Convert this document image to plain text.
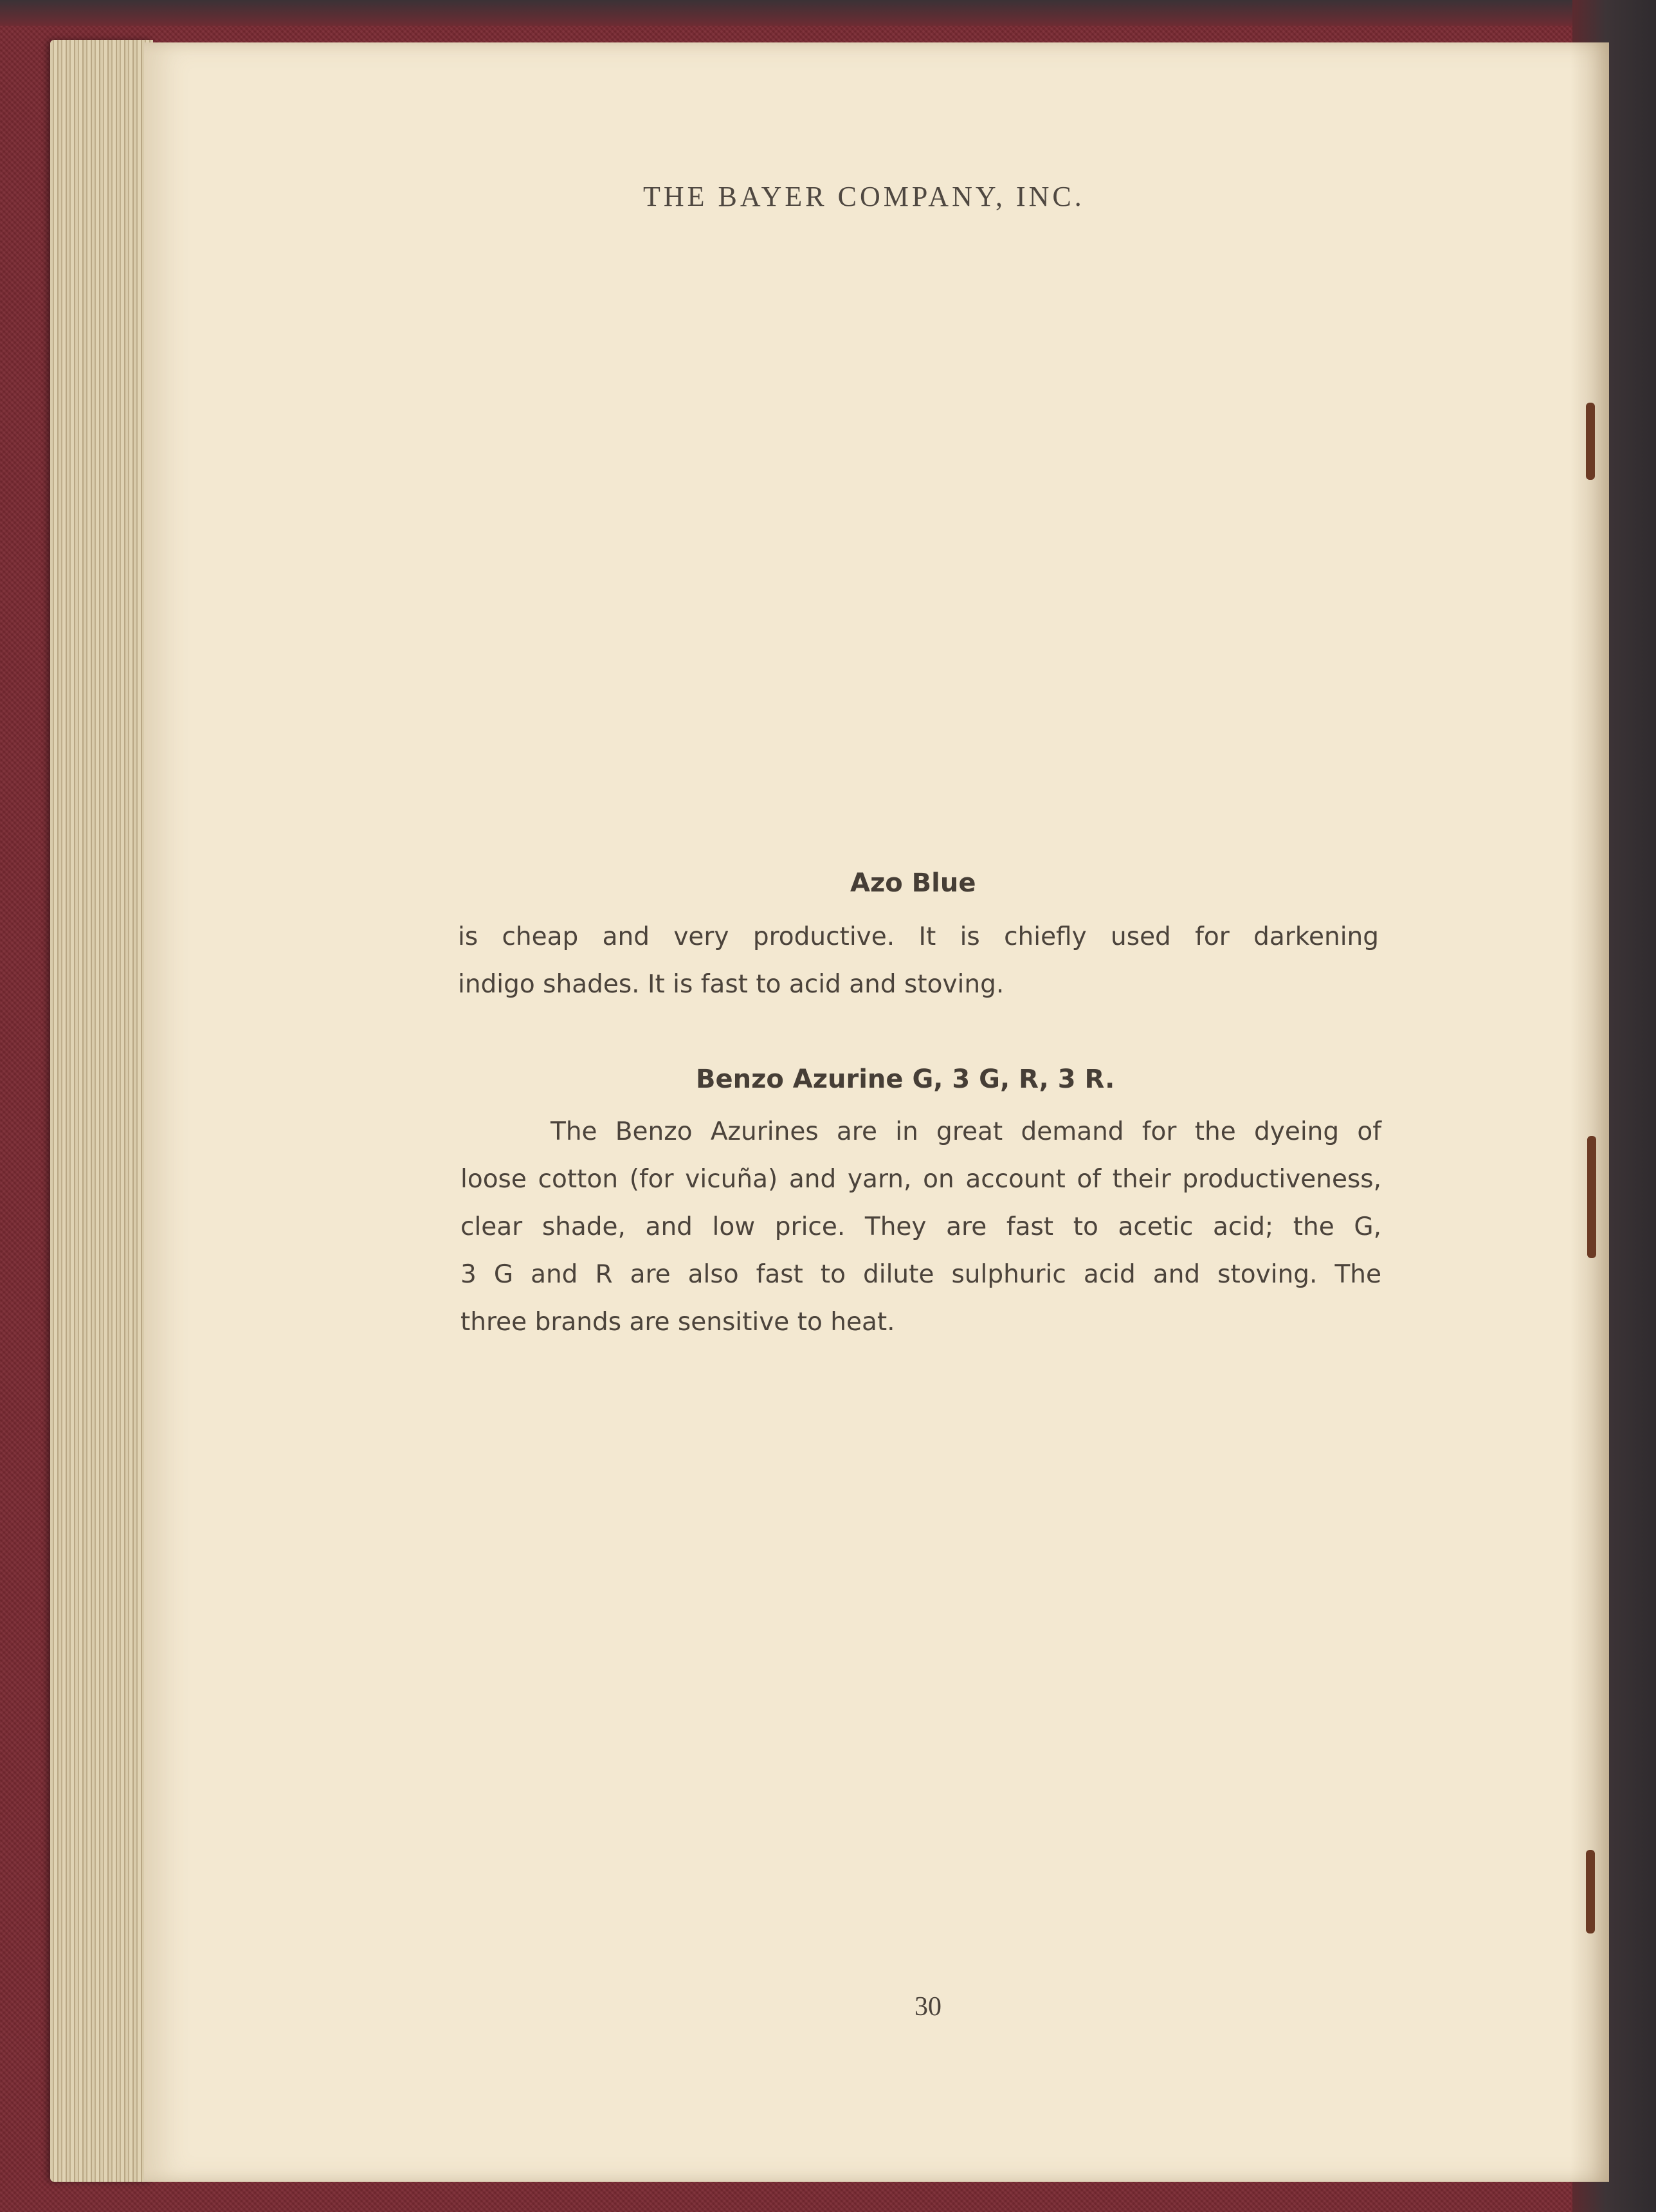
THE BAYER COMPANY, INC.
Azo Blue
is cheap and very productive. It is chiefly used for darkening
indigo shades. It is fast to acid and stoving.
Benzo Azurine G, 3 G, R, 3 R.
The Benzo Azurines are in great demand for the dyeing of
loose cotton (for vicuña) and yarn, on account of their productiveness,
clear shade, and low price. They are fast to acetic acid; the G,
3 G and R are also fast to dilute sulphuric acid and stoving. The
three brands are sensitive to heat.
30
